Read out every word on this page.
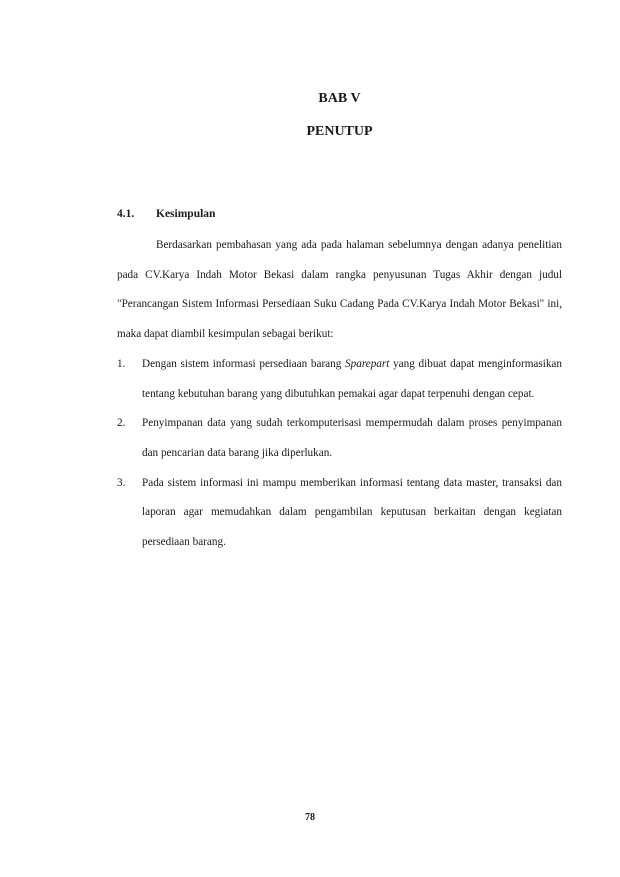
BAB V
PENUTUP
4.1. Kesimpulan

Berdasarkan pembahasan yang ada pada halaman sebelumnya dengan adanya penelitian pada CV.Karya Indah Motor Bekasi dalam rangka penyusunan Tugas Akhir dengan judul "Perancangan Sistem Informasi Persediaan Suku Cadang Pada CV.Karya Indah Motor Bekasi" ini, maka dapat diambil kesimpulan sebagai berikut:

1. Dengan sistem informasi persediaan barang Sparepart yang dibuat dapat menginformasikan tentang kebutuhan barang yang dibutuhkan pemakai agar dapat terpenuhi dengan cepat.
2. Penyimpanan data yang sudah terkomputerisasi mempermudah dalam proses penyimpanan dan pencarian data barang jika diperlukan.
3. Pada sistem informasi ini mampu memberikan informasi tentang data master, transaksi dan laporan agar memudahkan dalam pengambilan keputusan berkaitan dengan kegiatan persediaan barang.
78
